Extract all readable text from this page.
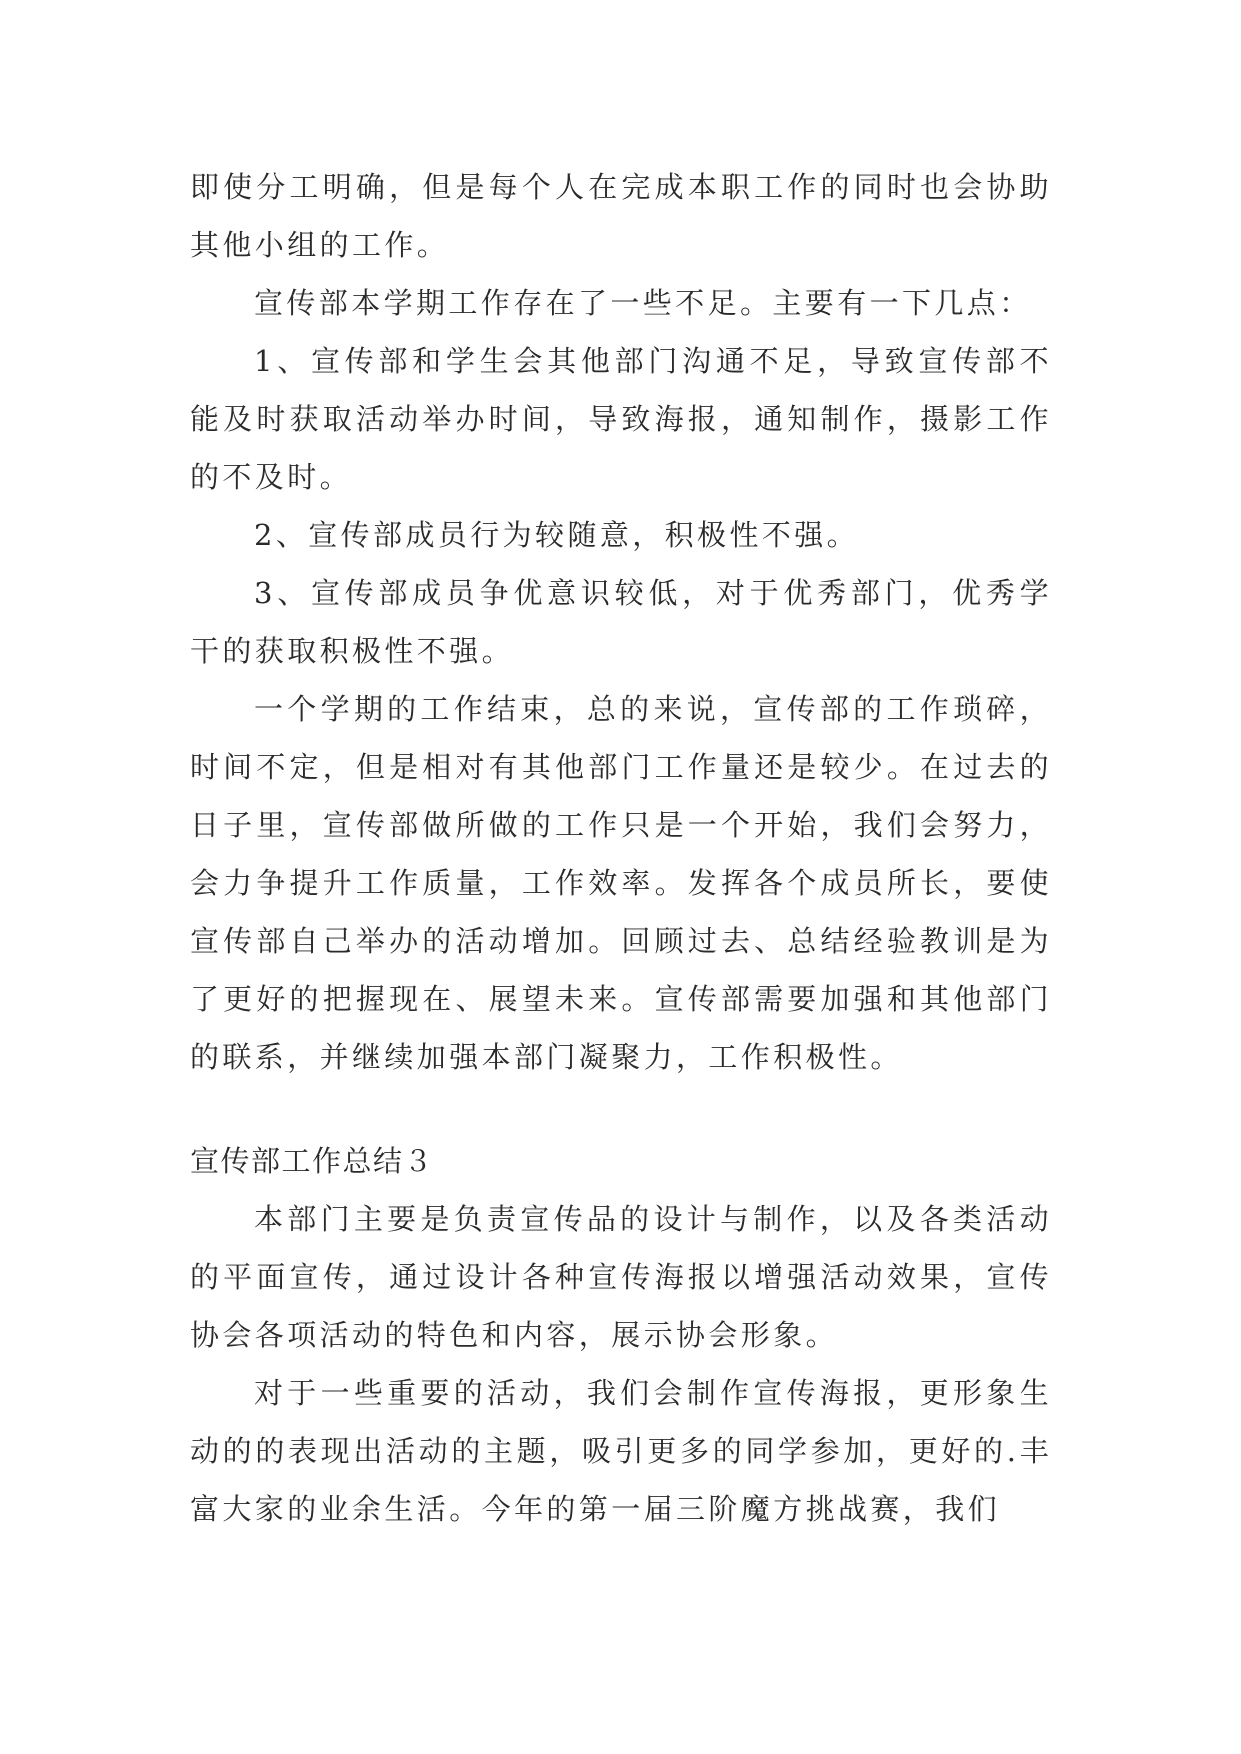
即使分工明确，但是每个人在完成本职工作的同时也会协助其他小组的工作。

宣传部本学期工作存在了一些不足。主要有一下几点：

1、宣传部和学生会其他部门沟通不足，导致宣传部不能及时获取活动举办时间，导致海报，通知制作，摄影工作的不及时。

2、宣传部成员行为较随意，积极性不强。

3、宣传部成员争优意识较低，对于优秀部门，优秀学干的获取积极性不强。

一个学期的工作结束，总的来说，宣传部的工作琐碎，时间不定，但是相对有其他部门工作量还是较少。在过去的日子里，宣传部做所做的工作只是一个开始，我们会努力，会力争提升工作质量，工作效率。发挥各个成员所长，要使宣传部自己举办的活动增加。回顾过去、总结经验教训是为了更好的把握现在、展望未来。宣传部需要加强和其他部门的联系，并继续加强本部门凝聚力，工作积极性。

宣传部工作总结３

本部门主要是负责宣传品的设计与制作，以及各类活动的平面宣传，通过设计各种宣传海报以增强活动效果，宣传协会各项活动的特色和内容，展示协会形象。

对于一些重要的活动，我们会制作宣传海报，更形象生动的的表现出活动的主题，吸引更多的同学参加，更好的.丰富大家的业余生活。今年的第一届三阶魔方挑战赛，我们
